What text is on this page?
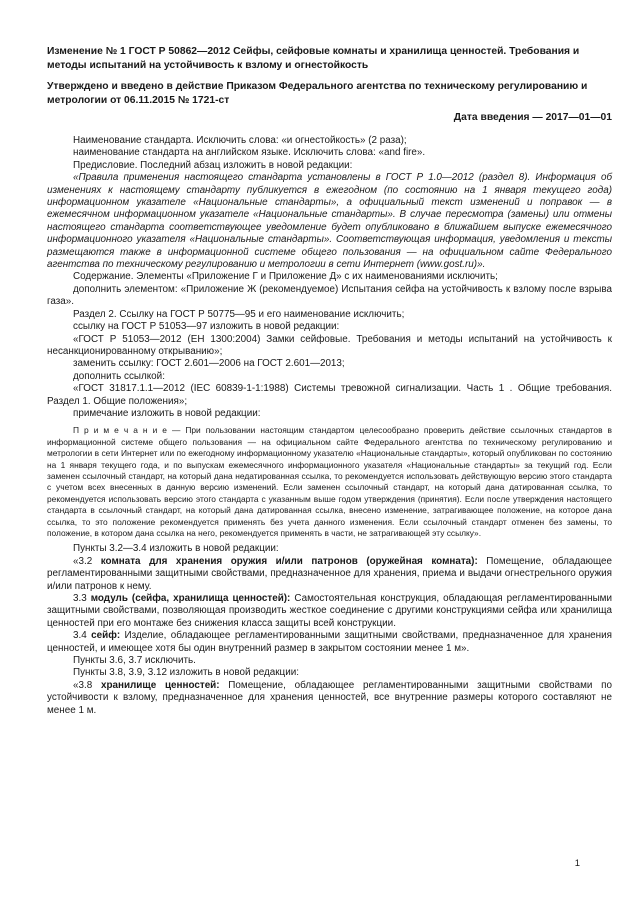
Изменение № 1 ГОСТ Р 50862—2012 Сейфы, сейфовые комнаты и хранилища ценностей. Требования и методы испытаний на устойчивость к взлому и огнестойкость

Утверждено и введено в действие Приказом Федерального агентства по техническому регулированию и метрологии от 06.11.2015 № 1721-ст

Дата введения — 2017—01—01

Наименование стандарта. Исключить слова: «и огнестойкость» (2 раза);

наименование стандарта на английском языке. Исключить слова: «and fire».

Предисловие. Последний абзац изложить в новой редакции:

«Правила применения настоящего стандарта установлены в ГОСТ Р 1.0—2012 (раздел 8). Информация об изменениях к настоящему стандарту публикуется в ежегодном (по состоянию на 1 января текущего года) информационном указателе «Национальные стандарты», а официальный текст изменений и поправок — в ежемесячном информационном указателе «Национальные стандарты». В случае пересмотра (замены) или отмены настоящего стандарта соответствующее уведомление будет опубликовано в ближайшем выпуске ежемесячного информационного указателя «Национальные стандарты». Соответствующая информация, уведомления и тексты размещаются также в информационной системе общего пользования — на официальном сайте Федерального агентства по техническому регулированию и метрологии в сети Интернет (www.gost.ru)».

Содержание. Элементы «Приложение Г и Приложение Д» с их наименованиями исключить;

дополнить элементом: «Приложение Ж (рекомендуемое) Испытания сейфа на устойчивость к взлому после взрыва газа».

Раздел 2. Ссылку на ГОСТ Р 50775—95 и его наименование исключить;

ссылку на ГОСТ Р 51053—97 изложить в новой редакции:

«ГОСТ Р 51053—2012 (ЕН 1300:2004) Замки сейфовые. Требования и методы испытаний на устойчивость к несанкционированному открыванию»;

заменить ссылку: ГОСТ 2.601—2006 на ГОСТ 2.601—2013;

дополнить ссылкой:

«ГОСТ 31817.1.1—2012 (IEC 60839-1-1:1988) Системы тревожной сигнализации. Часть 1 . Общие требования. Раздел 1. Общие положения»;

примечание изложить в новой редакции:

П р и м е ч а н и е — При пользовании настоящим стандартом целесообразно проверить действие ссылочных стандартов в информационной системе общего пользования — на официальном сайте Федерального агентства по техническому регулированию и метрологии в сети Интернет или по ежегодному информационному указателю «Национальные стандарты», который опубликован по состоянию на 1 января текущего года, и по выпускам ежемесячного информационного указателя «Национальные стандарты» за текущий год. Если заменен ссылочный стандарт, на который дана недатированная ссылка, то рекомендуется использовать действующую версию этого стандарта с учетом всех внесенных в данную версию изменений. Если заменен ссылочный стандарт, на который дана датированная ссылка, то рекомендуется использовать версию этого стандарта с указанным выше годом утверждения (принятия). Если после утверждения настоящего стандарта в ссылочный стандарт, на который дана датированная ссылка, внесено изменение, затрагивающее положение, на которое дана ссылка, то это положение рекомендуется применять без учета данного изменения. Если ссылочный стандарт отменен без замены, то положение, в котором дана ссылка на него, рекомендуется применять в части, не затрагивающей эту ссылку».

Пункты 3.2—3.4 изложить в новой редакции:

«3.2 комната для хранения оружия и/или патронов (оружейная комната): Помещение, обладающее регламентированными защитными свойствами, предназначенное для хранения, приема и выдачи огнестрельного оружия и/или патронов к нему.

3.3 модуль (сейфа, хранилища ценностей): Самостоятельная конструкция, обладающая регламентированными защитными свойствами, позволяющая производить жесткое соединение с другими конструкциями сейфа или хранилища ценностей при его монтаже без снижения класса защиты всей конструкции.

3.4 сейф: Изделие, обладающее регламентированными защитными свойствами, предназначенное для хранения ценностей, и имеющее хотя бы один внутренний размер в закрытом состоянии менее 1 м».

Пункты 3.6, 3.7 исключить.

Пункты 3.8, 3.9, 3.12 изложить в новой редакции:

«3.8 хранилище ценностей: Помещение, обладающее регламентированными защитными свойствами по устойчивости к взлому, предназначенное для хранения ценностей, все внутренние размеры которого составляют не менее 1 м.

1
